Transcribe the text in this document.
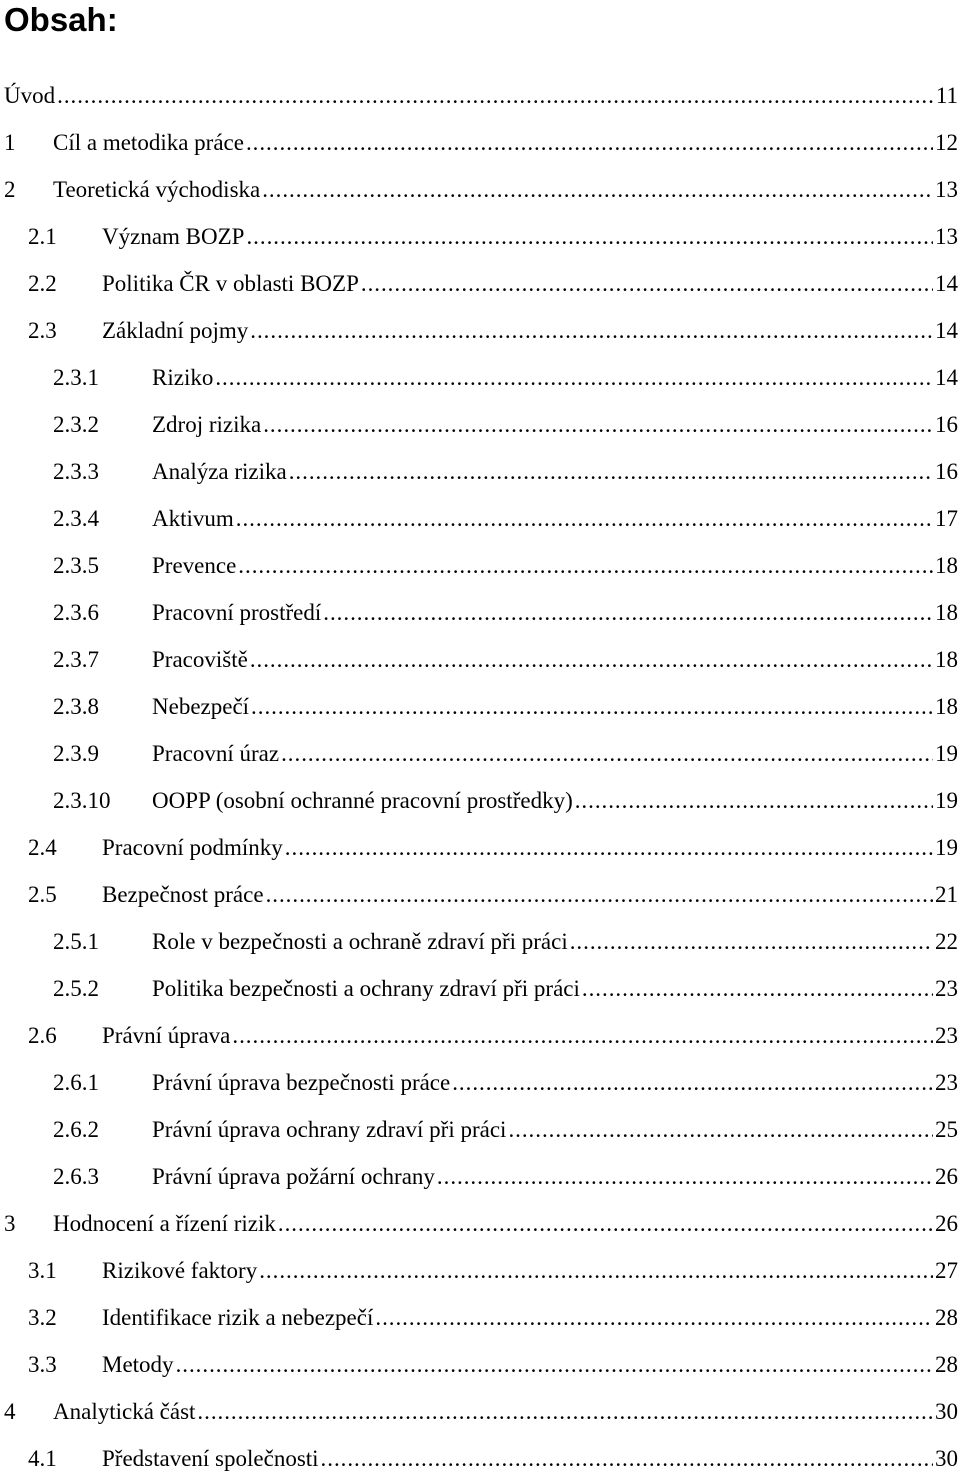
Obsah:
Úvod . . .	11
1 Cíl a metodika práce . . .	12
2 Teoretická východiska . . .	13
2.1 Význam BOZP . . .	13
2.2 Politika ČR v oblasti BOZP . . .	14
2.3 Základní pojmy . . .	14
2.3.1 Riziko . . .	14
2.3.2 Zdroj rizika . . .	16
2.3.3 Analýza rizika . . .	16
2.3.4 Aktivum . . .	17
2.3.5 Prevence . . .	18
2.3.6 Pracovní prostředí . . .	18
2.3.7 Pracoviště . . .	18
2.3.8 Nebezpečí . . .	18
2.3.9 Pracovní úraz . . .	19
2.3.10 OOPP (osobní ochranné pracovní prostředky) . . .	19
2.4 Pracovní podmínky . . .	19
2.5 Bezpečnost práce . . .	21
2.5.1 Role v bezpečnosti a ochraně zdraví při práci . . .	22
2.5.2 Politika bezpečnosti a ochrany zdraví při práci . . .	23
2.6 Právní úprava . . .	23
2.6.1 Právní úprava bezpečnosti práce . . .	23
2.6.2 Právní úprava ochrany zdraví při práci . . .	25
2.6.3 Právní úprava požární ochrany . . .	26
3 Hodnocení a řízení rizik . . .	26
3.1 Rizikové faktory . . .	27
3.2 Identifikace rizik a nebezpečí . . .	28
3.3 Metody . . .	28
4 Analytická část . . .	30
4.1 Představení společnosti . . .	30
